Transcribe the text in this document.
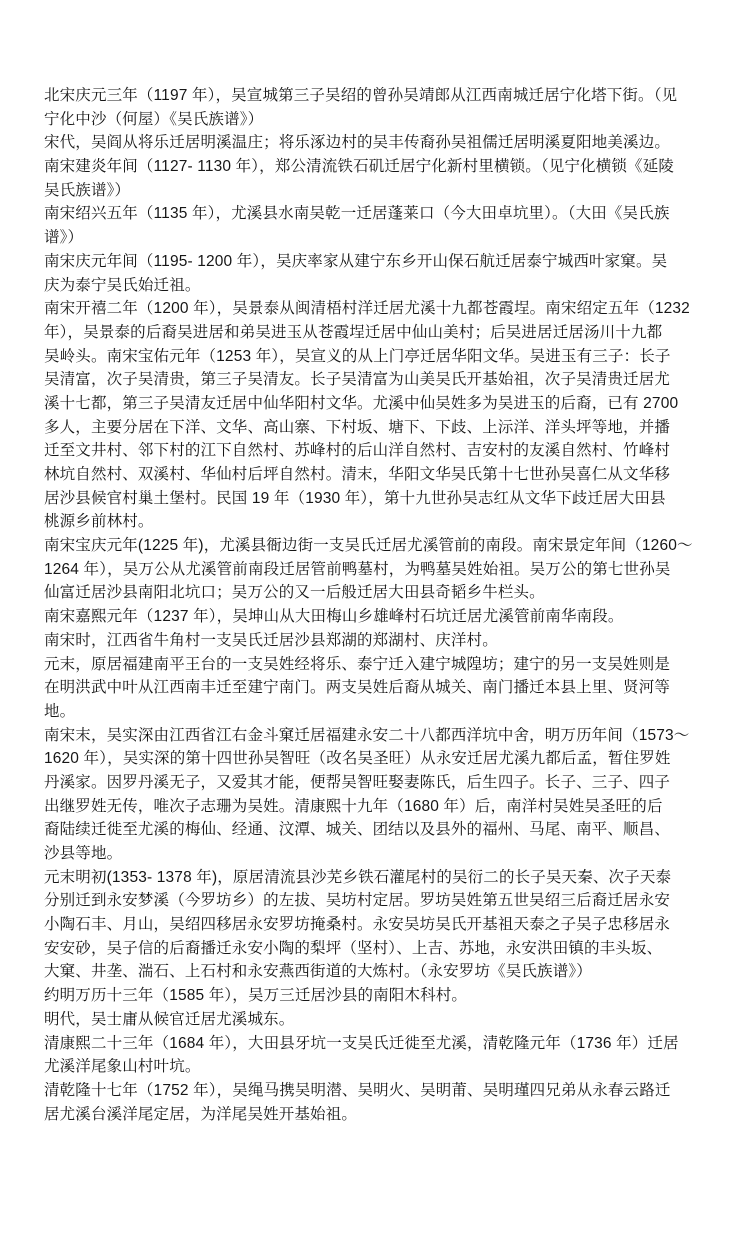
北宋庆元三年（1197 年），吴宣城第三子吴绍的曾孙吴靖郎从江西南城迁居宁化塔下街。（见
宁化中沙（何屋）《吴氏族谱》）
宋代，吴阎从将乐迁居明溪温庄；将乐涿边村的吴丰传裔孙吴祖儒迁居明溪夏阳地美溪边。
南宋建炎年间（1127- 1130 年），郑公清流铁石矶迁居宁化新村里横锁。（见宁化横锁《延陵
吴氏族谱》）
南宋绍兴五年（1135 年），尤溪县水南吴乾一迁居蓬莱口（今大田卓坑里）。（大田《吴氏族
谱》）
南宋庆元年间（1195- 1200 年），吴庆率家从建宁东乡开山保石航迁居泰宁城西叶家窠。吴
庆为泰宁吴氏始迁祖。
南宋开禧二年（1200 年），吴景泰从闽清梧村洋迁居尤溪十九都苍霞埕。南宋绍定五年（1232
年），吴景泰的后裔吴进居和弟吴进玉从苍霞埕迁居中仙山美村；后吴进居迁居汤川十九都
吴岭头。南宋宝佑元年（1253 年），吴宣义的从上门亭迁居华阳文华。吴进玉有三子：长子
吴清富，次子吴清贵，第三子吴清友。长子吴清富为山美吴氏开基始祖，次子吴清贵迁居尤
溪十七都，第三子吴清友迁居中仙华阳村文华。尤溪中仙吴姓多为吴进玉的后裔，已有 2700
多人，主要分居在下洋、文华、高山寨、下村坂、塘下、下歧、上沶洋、洋头坪等地，并播
迁至文井村、邻下村的江下自然村、苏峰村的后山洋自然村、吉安村的友溪自然村、竹峰村
林坑自然村、双溪村、华仙村后坪自然村。清末，华阳文华吴氏第十七世孙吴喜仁从文华移
居沙县候官村巢土堡村。民国 19 年（1930 年），第十九世孙吴志红从文华下歧迁居大田县
桃源乡前林村。
南宋宝庆元年(1225 年)，尤溪县衙边街一支吴氏迁居尤溪管前的南段。南宋景定年间（1260～
1264 年），吴万公从尤溪管前南段迁居管前鸭墓村，为鸭墓吴姓始祖。吴万公的第七世孙吴
仙富迁居沙县南阳北坑口；吴万公的又一后般迁居大田县奇韬乡牛栏头。
南宋嘉熙元年（1237 年），吴坤山从大田梅山乡雄峰村石坑迁居尤溪管前南华南段。
南宋时，江西省牛角村一支吴氏迁居沙县郑湖的郑湖村、庆洋村。
元末，原居福建南平王台的一支吴姓经将乐、泰宁迁入建宁城隍坊；建宁的另一支吴姓则是
在明洪武中叶从江西南丰迁至建宁南门。两支吴姓后裔从城关、南门播迁本县上里、贤河等
地。
南宋末，吴实深由江西省江右金斗窠迁居福建永安二十八都西洋坑中舍，明万历年间（1573～
1620 年），吴实深的第十四世孙吴智旺（改名吴圣旺）从永安迁居尤溪九都后孟，暂住罗姓
丹溪家。因罗丹溪无子，又爱其才能，便帮吴智旺娶妻陈氏，后生四子。长子、三子、四子
出继罗姓无传，唯次子志珊为吴姓。清康熙十九年（1680 年）后，南洋村吴姓吴圣旺的后
裔陆续迁徙至尤溪的梅仙、经通、汶潭、城关、团结以及县外的福州、马尾、南平、顺昌、
沙县等地。
元末明初(1353- 1378 年)，原居清流县沙芜乡铁石灌尾村的吴衍二的长子吴天秦、次子天泰
分别迁到永安梦溪（今罗坊乡）的左拔、吴坊村定居。罗坊吴姓第五世吴绍三后裔迁居永安
小陶石丰、月山，吴绍四移居永安罗坊掩桑村。永安吴坊吴氏开基祖天泰之子吴子忠移居永
安安砂，吴子信的后裔播迁永安小陶的梨坪（坚村）、上吉、苏地，永安洪田镇的丰头坂、
大窠、井垄、湍石、上石村和永安燕西街道的大炼村。（永安罗坊《吴氏族谱》）
约明万历十三年（1585 年），吴万三迁居沙县的南阳木科村。
明代，吴士庸从候官迁居尤溪城东。
清康熙二十三年（1684 年），大田县牙坑一支吴氏迁徙至尤溪，清乾隆元年（1736 年）迁居
尤溪洋尾象山村叶坑。
清乾隆十七年（1752 年），吴绳马携吴明潜、吴明火、吴明莆、吴明瑾四兄弟从永春云路迁
居尤溪台溪洋尾定居，为洋尾吴姓开基始祖。
